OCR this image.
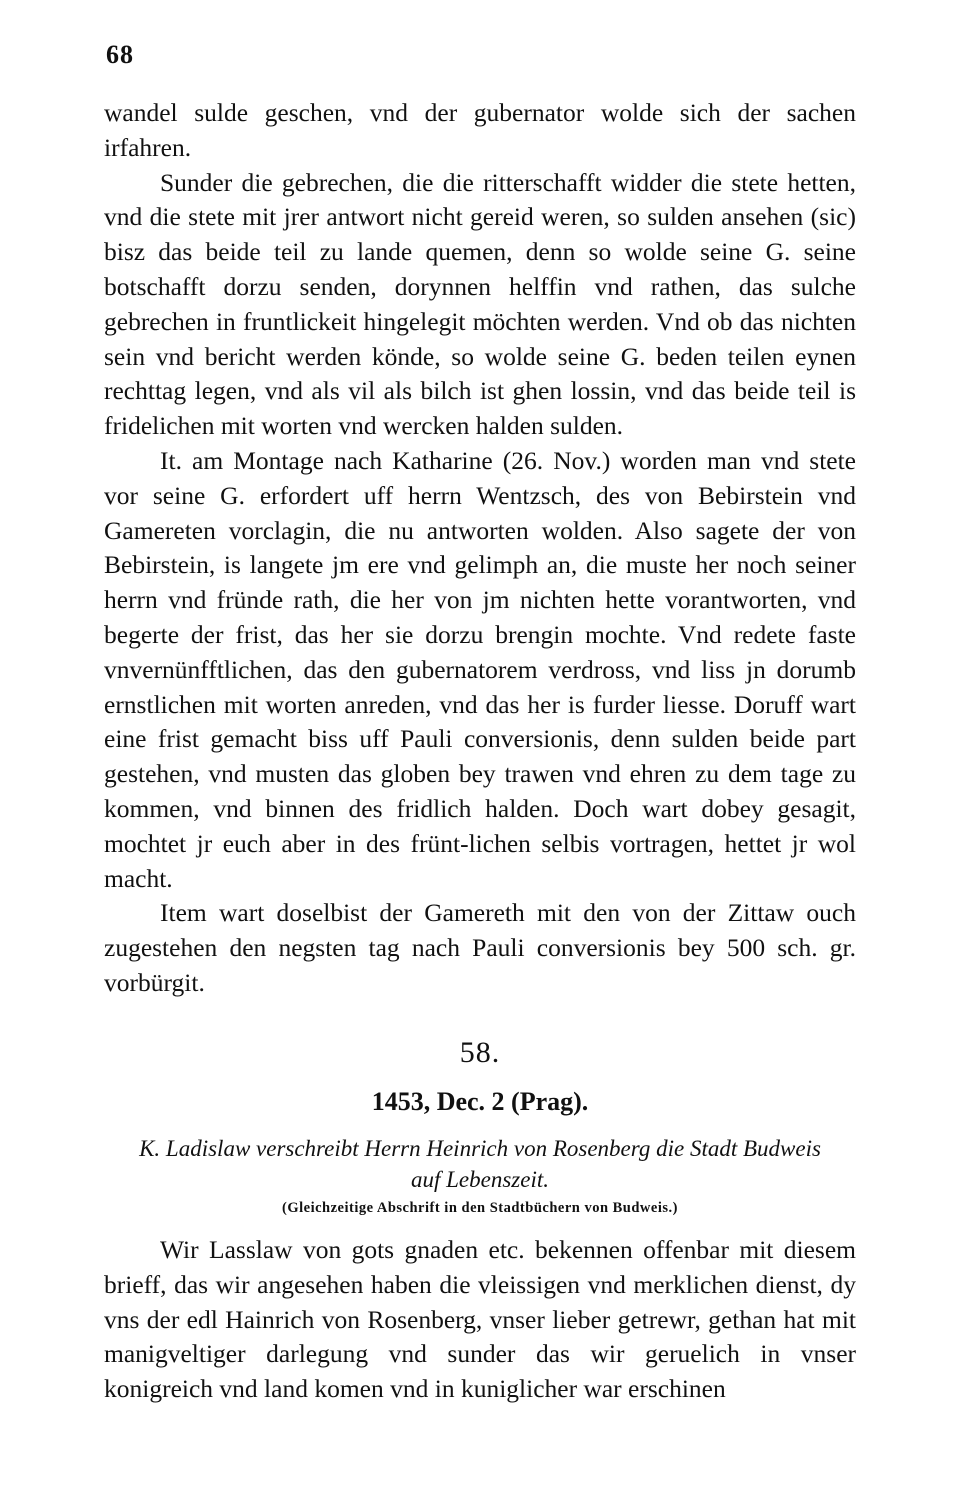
68

wandel sulde geschen, vnd der gubernator wolde sich der sachen irfahren.

Sunder die gebrechen, die die ritterschafft widder die stete hetten, vnd die stete mit jrer antwort nicht gereid weren, so sulden ansehen (sic) bisz das beide teil zu lande quemen, denn so wolde seine G. seine botschafft dorzu senden, dorynnen helffin vnd rathen, das sulche gebrechen in fruntlickeit hingelegit möchten werden. Vnd ob das nichten sein vnd bericht werden könde, so wolde seine G. beden teilen eynen rechttag legen, vnd als vil als bilch ist ghen lossin, vnd das beide teil is fridelichen mit worten vnd wercken halden sulden.

It. am Montage nach Katharine (26. Nov.) worden man vnd stete vor seine G. erfordert uff herrn Wentzsch, des von Bebirstein vnd Gamereten vorclagin, die nu antworten wolden. Also sagete der von Bebirstein, is langete jm ere vnd gelimph an, die muste her noch seiner herrn vnd fründe rath, die her von jm nichten hette vorantworten, vnd begerte der frist, das her sie dorzu brengin mochte. Vnd redete faste vnvernünfftlichen, das den gubernatorem verdross, vnd liss jn dorumb ernstlichen mit worten anreden, vnd das her is furder liesse. Doruff wart eine frist gemacht biss uff Pauli conversionis, denn sulden beide part gestehen, vnd musten das globen bey trawen vnd ehren zu dem tage zu kommen, vnd binnen des fridlich halden. Doch wart dobey gesagit, mochtet jr euch aber in des frünt-lichen selbis vortragen, hettet jr wol macht.

Item wart doselbist der Gamereth mit den von der Zittaw ouch zugestehen den negsten tag nach Pauli conversionis bey 500 sch. gr. vorbürgit.

58.
1453, Dec. 2 (Prag).
K. Ladislaw verschreibt Herrn Heinrich von Rosenberg die Stadt Budweis auf Lebenszeit.
(Gleichzeitige Abschrift in den Stadtbüchern von Budweis.)

Wir Lasslaw von gots gnaden etc. bekennen offenbar mit diesem brieff, das wir angesehen haben die vleissigen vnd merklichen dienst, dy vns der edl Hainrich von Rosenberg, vnser lieber getrewr, gethan hat mit manigveltiger darlegung vnd sunder das wir geruelich in vnser konigreich vnd land komen vnd in kuniglicher war erschinen
